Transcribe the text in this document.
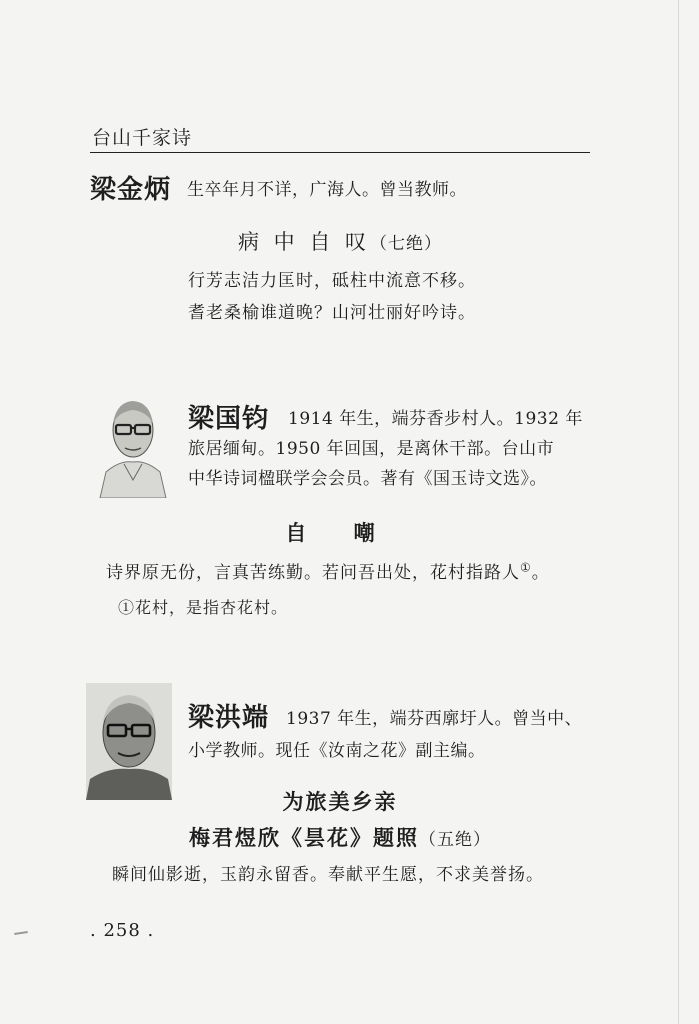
台山千家诗
梁金炳 生卒年月不详，广海人。曾当教师。
病 中 自 叹（七绝）
行芳志洁力匡时，砥柱中流意不移。
耆老桑榆谁道晚？山河壮丽好吟诗。
梁国钧 1914 年生，端芬香步村人。1932 年
旅居缅甸。1950 年回国，是离休干部。台山市
中华诗词楹联学会会员。著有《国玉诗文选》。
自 嘲
诗界原无份，言真苦练勤。若问吾出处，花村指路人①。
①花村，是指杏花村。
梁洪端 1937 年生，端芬西廓圩人。曾当中、
小学教师。现任《汝南之花》副主编。
为旅美乡亲
梅君煜欣《昙花》题照（五绝）
瞬间仙影逝，玉韵永留香。奉献平生愿，不求美誉扬。
. 258 .
